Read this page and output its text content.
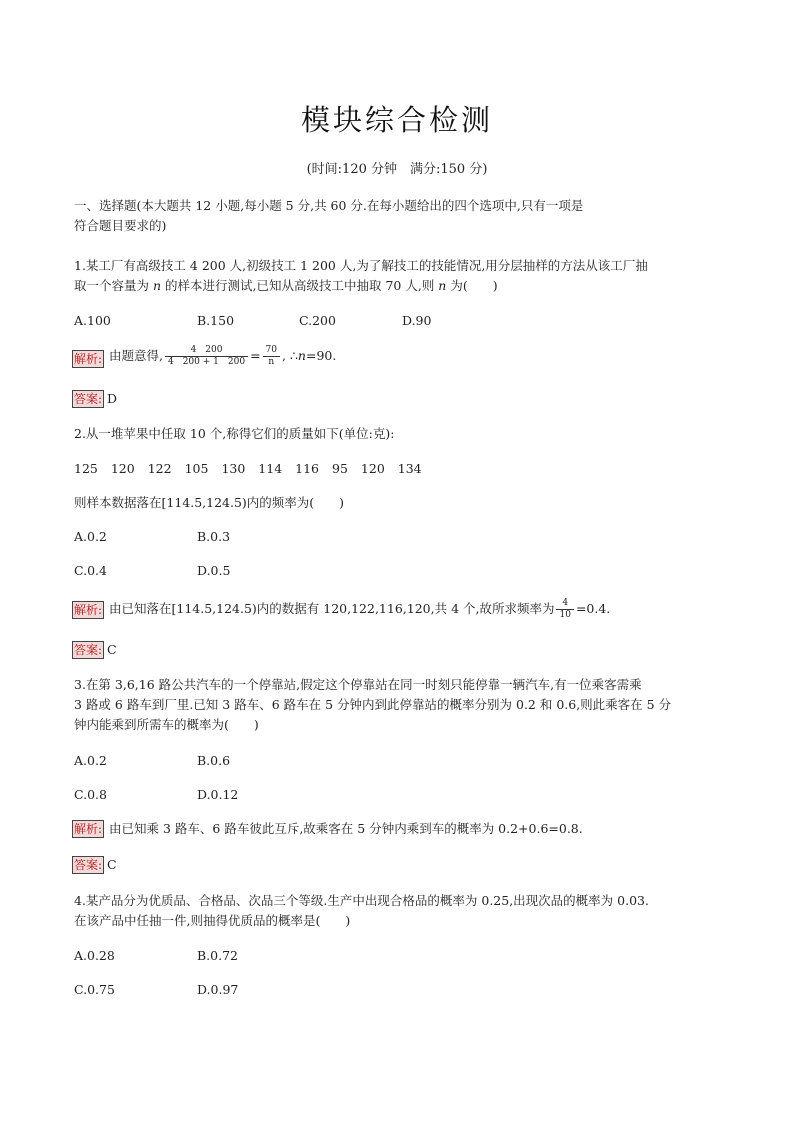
模块综合检测
(时间:120 分钟　满分:150 分)
一、选择题(本大题共 12 小题,每小题 5 分,共 60 分.在每小题给出的四个选项中,只有一项是
符合题目要求的)
1.某工厂有高级技工 4 200 人,初级技工 1 200 人,为了解技工的技能情况,用分层抽样的方法从该工厂抽
取一个容量为 n 的样本进行测试,已知从高级技工中抽取 70 人,则 n 为(　　)
A.100	B.150	C.200	D.90
解析: 由题意得, $\frac{4 200}{4 200 + 1 200} = \frac{70}{n}$ , ∴n=90.
答案: D
2.从一堆苹果中任取 10 个,称得它们的质量如下(单位:克):
125 120 122 105 130 114 116 95 120 134
则样本数据落在[114.5,124.5)内的频率为(　　)
A.0.2	B.0.3
C.0.4	D.0.5
解析: 由已知落在[114.5,124.5)内的数据有 120,122,116,120,共 4 个,故所求频率为 $\frac{4}{10} =0.4$.
答案: C
3.在第 3,6,16 路公共汽车的一个停靠站,假定这个停靠站在同一时刻只能停靠一辆汽车,有一位乘客需乘
3 路或 6 路车到厂里.已知 3 路车、6 路车在 5 分钟内到此停靠站的概率分别为 0.2 和 0.6,则此乘客在 5 分
钟内能乘到所需车的概率为(　　)
A.0.2	B.0.6
C.0.8	D.0.12
解析: 由已知乘 3 路车、6 路车彼此互斥,故乘客在 5 分钟内乘到车的概率为 0.2+0.6=0.8.
答案: C
4.某产品分为优质品、合格品、次品三个等级.生产中出现合格品的概率为 0.25,出现次品的概率为 0.03.
在该产品中任抽一件,则抽得优质品的概率是(　　)
A.0.28	B.0.72
C.0.75	D.0.97
